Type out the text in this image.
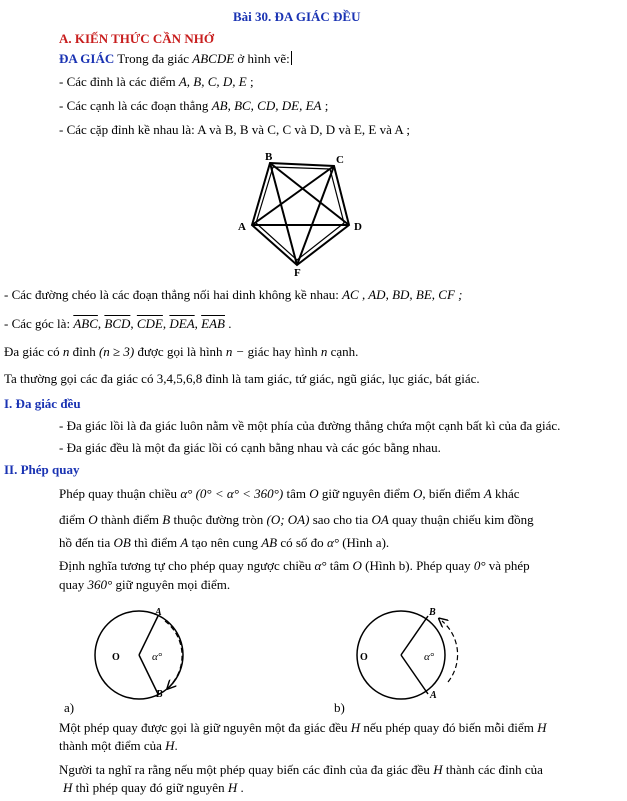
Bài 30. ĐA GIÁC ĐỀU
A. KIẾN THỨC CẦN NHỚ
ĐA GIÁC Trong đa giác ABCDE ở hình vẽ:
- Các đỉnh là các điểm A, B, C, D, E ;
- Các cạnh là các đoạn thẳng AB, BC, CD, DE, EA ;
- Các cặp đỉnh kề nhau là: A và B, B và C, C và D, D và E, E và A ;
B	C
A	D
F
- Các đường chéo là các đoạn thẳng nối hai dinh không kề nhau: AC , AD, BD, BE, CF ;
- Các góc là: $\overline{ABC}$, $\overline{BCD}$, $\overline{CDE}$, $\overline{DEA}$, $\overline{EAB}$ .
Đa giác có n đỉnh (n ≥ 3) được gọi là hình n − giác hay hình n cạnh.
Ta thường gọi các đa giác có 3,4,5,6,8 đỉnh là tam giác, tứ giác, ngũ giác, lục giác, bát giác.
I. Đa giác đều
- Đa giác lồi là đa giác luôn nằm về một phía của đường thẳng chứa một cạnh bất kì của đa giác.
- Đa giác đều là một đa giác lồi có cạnh bằng nhau và các góc bằng nhau.
II. Phép quay
Phép quay thuận chiều α° (0° < α° < 360°) tâm O giữ nguyên điểm O, biến điểm A khác
điểm O thành điểm B thuộc đường tròn (O; OA) sao cho tia OA quay thuận chiếu kim đồng
hồ đến tia OB thì điểm A tạo nên cung AB có số đo α° (Hình a).
Định nghĩa tương tự cho phép quay ngược chiều α° tâm O (Hình b). Phép quay 0° và phép
quay 360° giữ nguyên mọi điểm.
O
A
B
α°
a)
O
B
A
α°
b)
Một phép quay được gọi là giữ nguyên một đa giác đều H nếu phép quay đó biến mỗi điểm H
thành một điểm của H.
Người ta nghĩ ra rằng nếu một phép quay biến các đỉnh của đa giác đều H thành các đỉnh của
H thì phép quay đó giữ nguyên H .
